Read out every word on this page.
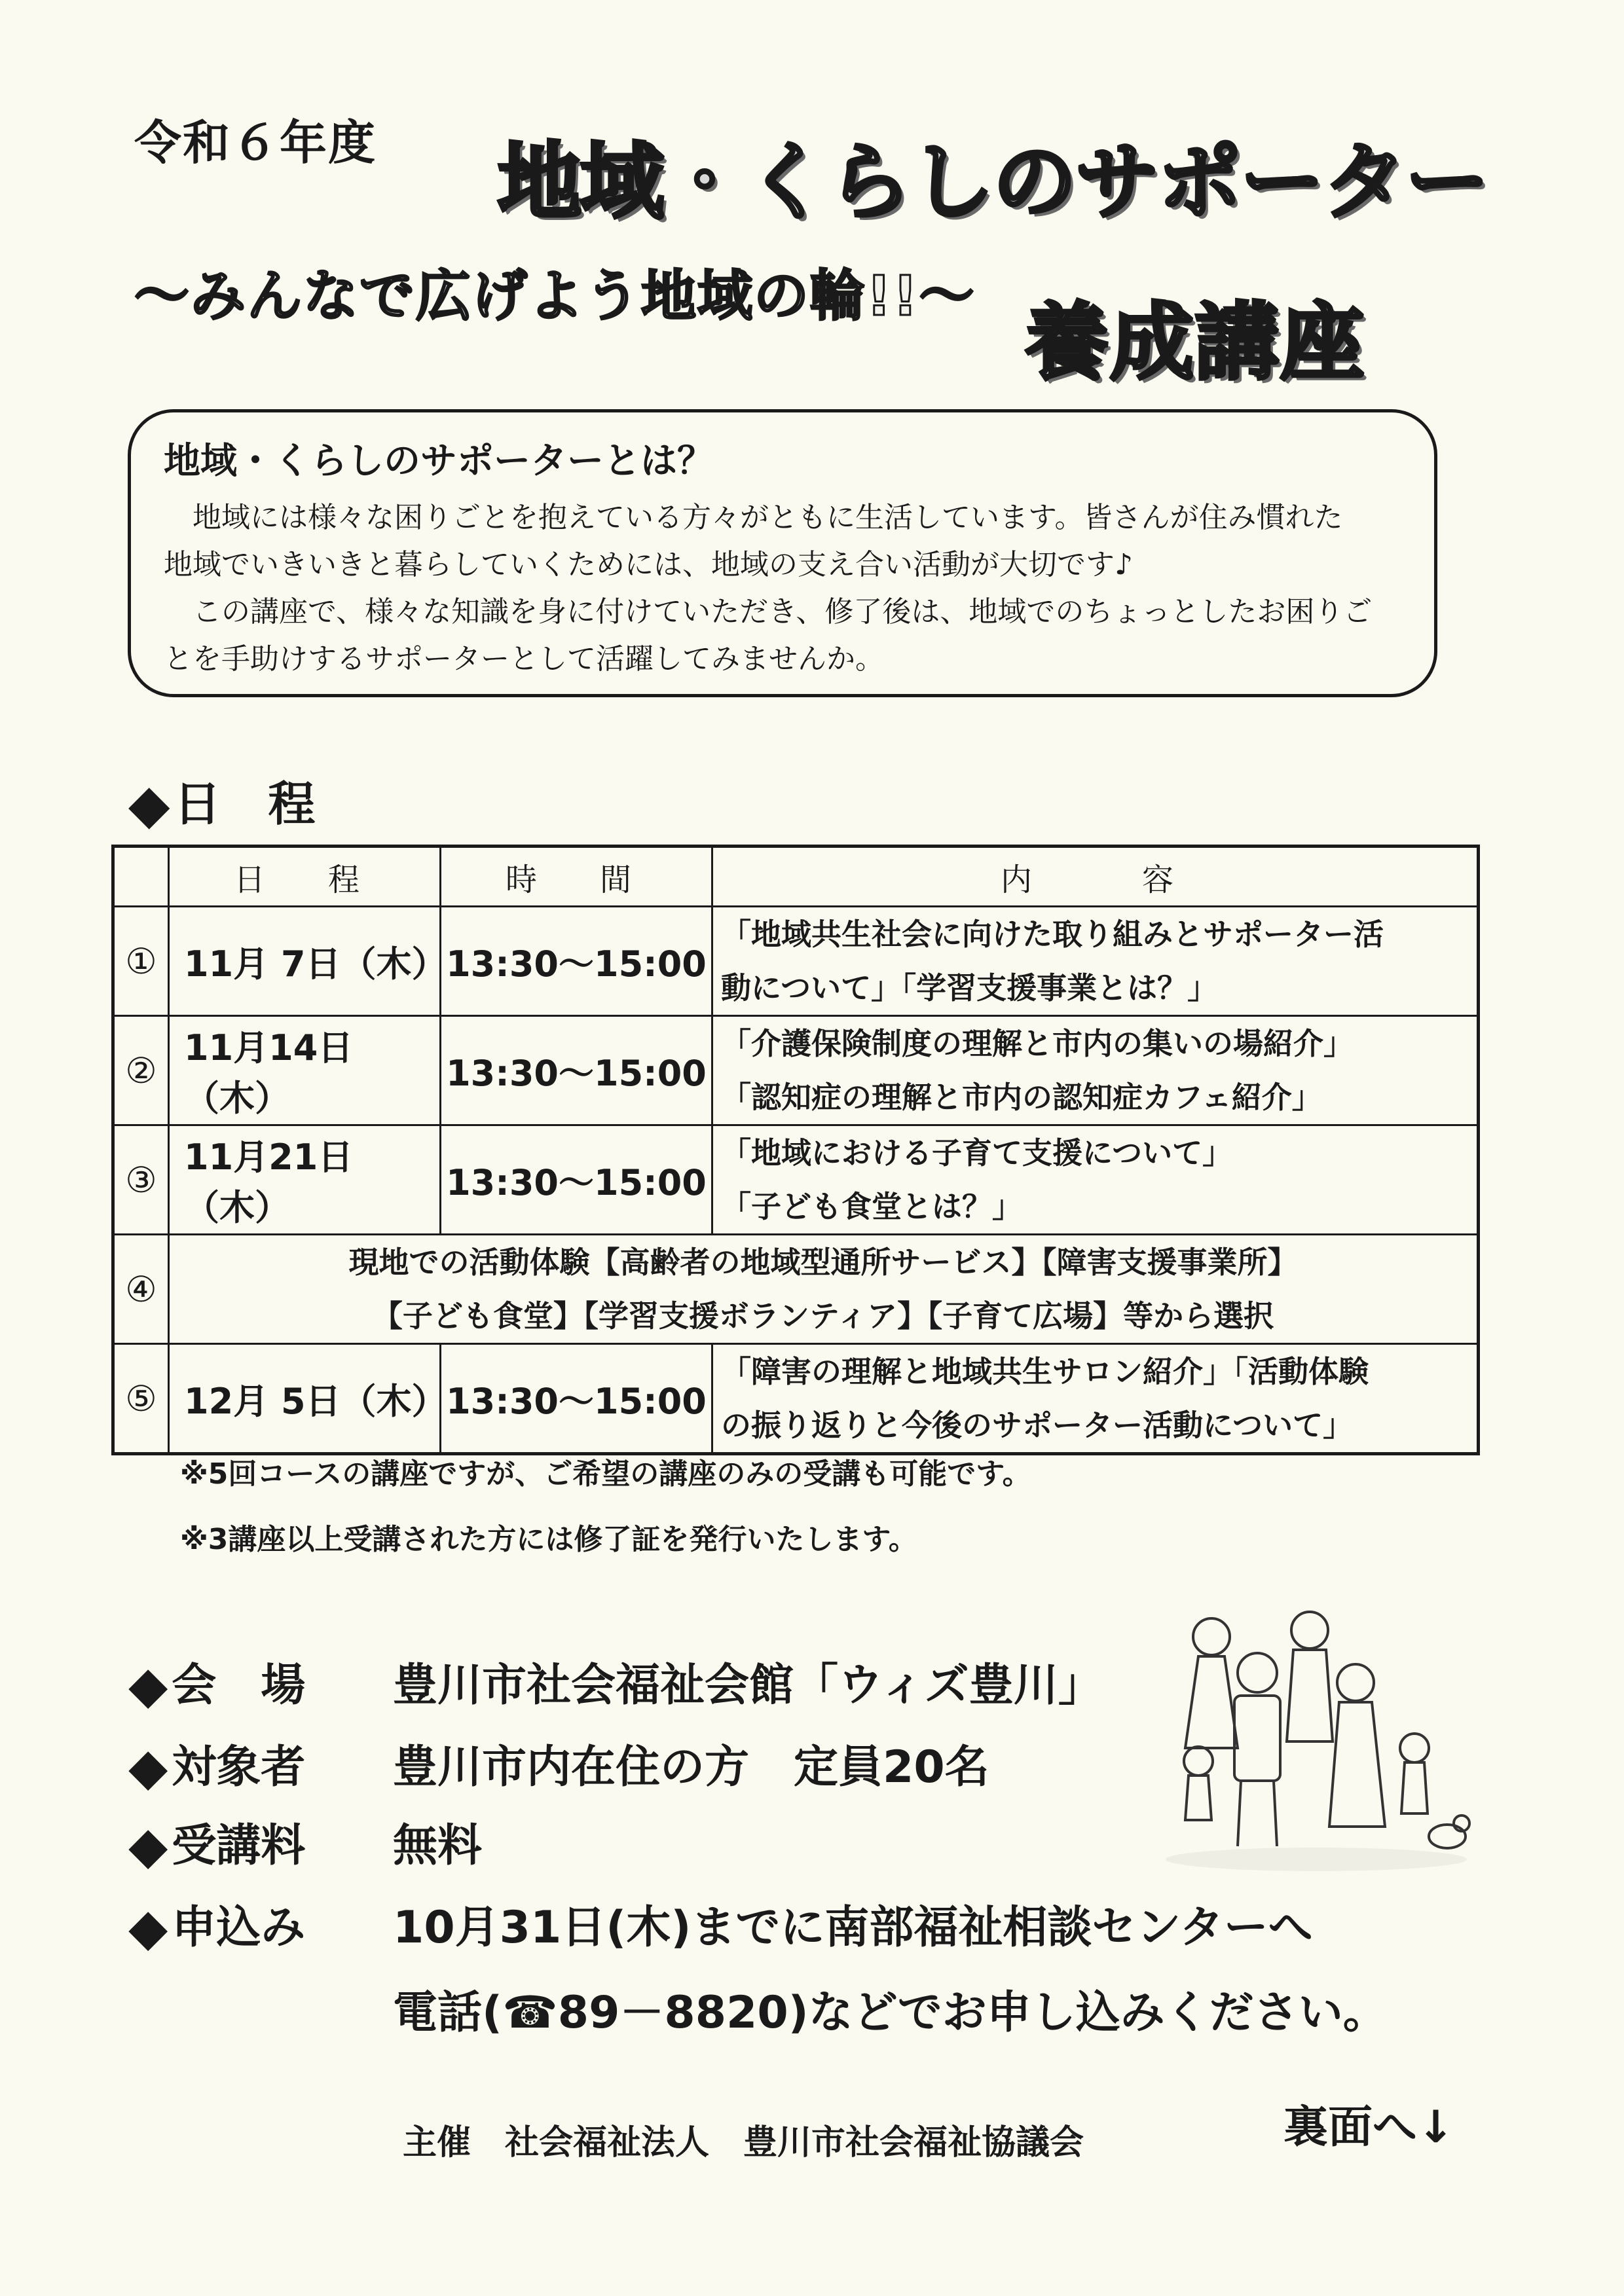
令和６年度 地域・くらしのサポーター
～みんなで広げよう地域の輪!!～ 養成講座
地域・くらしのサポーターとは？
　地域には様々な困りごとを抱えている方々がともに生活しています。皆さんが住み慣れた
地域でいきいきと暮らしていくためには、地域の支え合い活動が大切です♪
　この講座で、様々な知識を身に付けていただき、修了後は、地域でのちょっとしたお困りご
とを手助けするサポーターとして活躍してみませんか。
◆日　程
	日　程	時　間	内　　容
①	11月 7日（木）	13:30～15:00	「地域共生社会に向けた取り組みとサポーター活
動について」「学習支援事業とは？」

②	11月14日（木）	13:30～15:00	「介護保険制度の理解と市内の集いの場紹介」
「認知症の理解と市内の認知症カフェ紹介」

③	11月21日（木）	13:30～15:00	「地域における子育て支援について」
「子ども食堂とは？」

④	現地での活動体験【高齢者の地域型通所サービス】【障害支援事業所】
【子ども食堂】【学習支援ボランティア】【子育て広場】等から選択		

⑤	12月 5日（木）	13:30～15:00	「障害の理解と地域共生サロン紹介」「活動体験
の振り返りと今後のサポーター活動について」
※5回コースの講座ですが、ご希望の講座のみの受講も可能です。
※3講座以上受講された方には修了証を発行いたします。
◆会　場 豊川市社会福祉会館「ウィズ豊川」
◆対象者 豊川市内在住の方　定員20名
◆受講料 無料
◆申込み 10月31日(木)までに南部福祉相談センターへ
電話(☎89－8820)などでお申し込みください。
裏面へ↓
主催　社会福祉法人　豊川市社会福祉協議会
